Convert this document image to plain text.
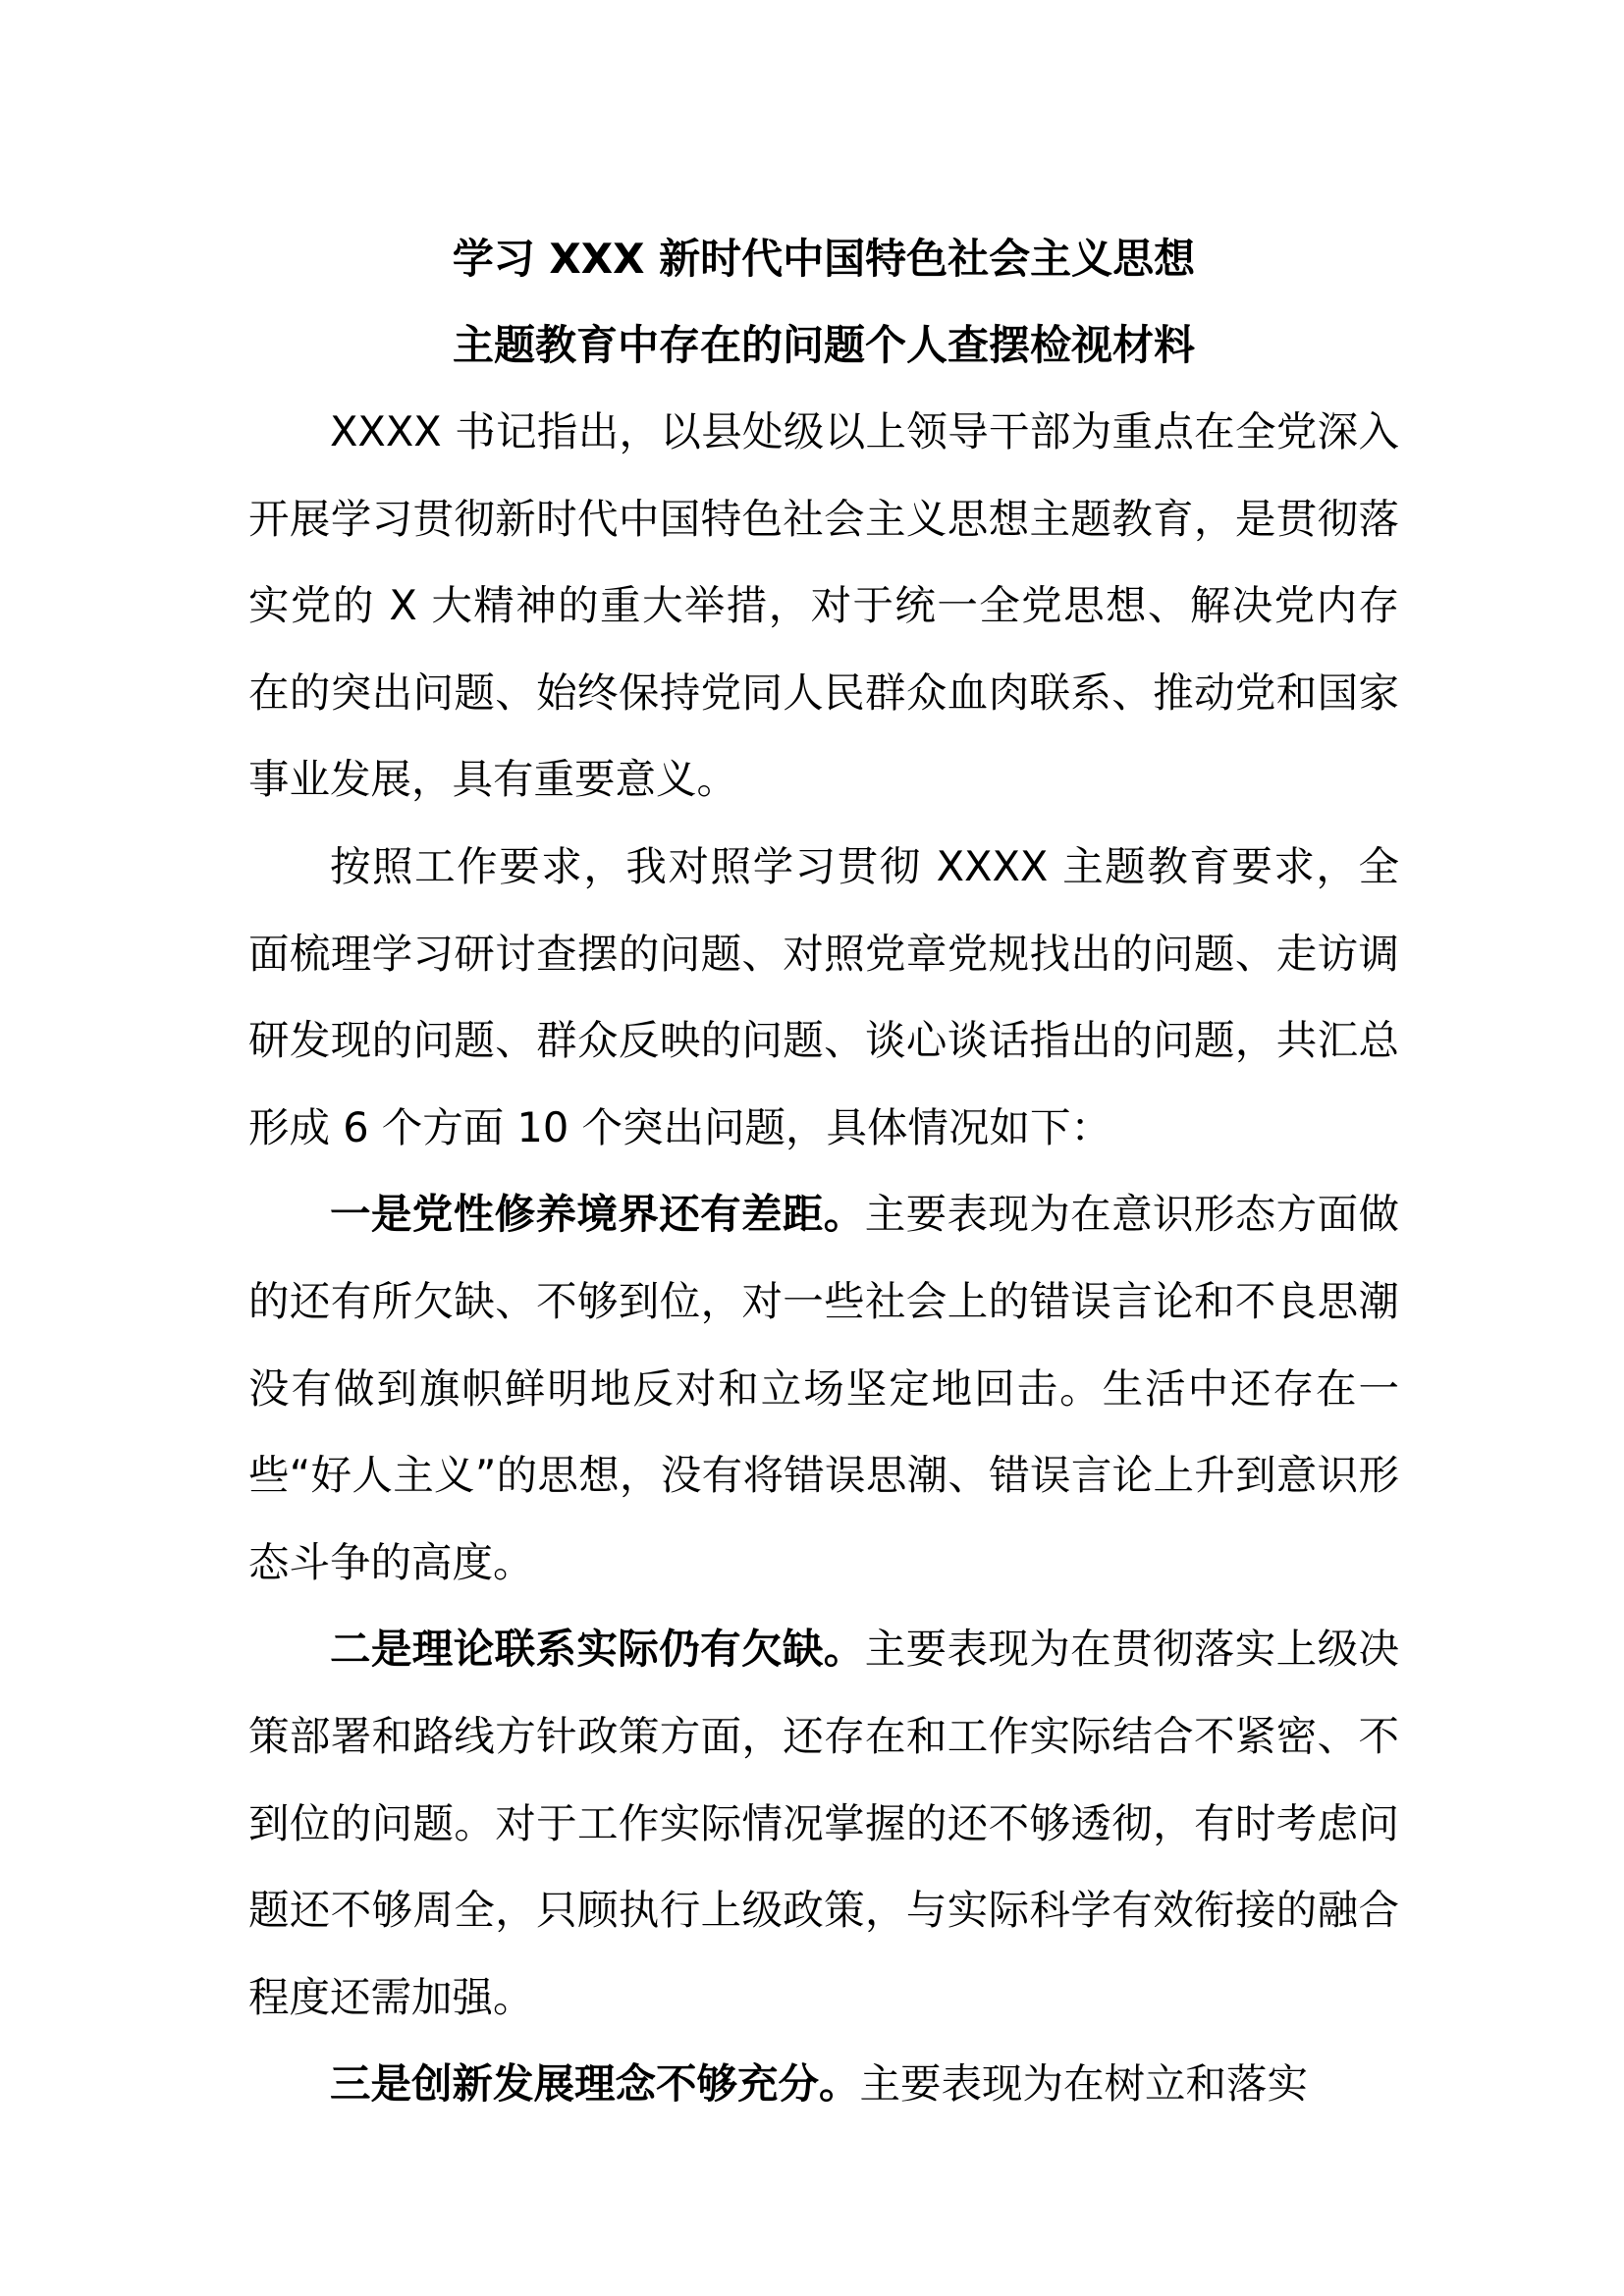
学习 XXX 新时代中国特色社会主义思想
主题教育中存在的问题个人查摆检视材料

XXXX 书记指出，以县处级以上领导干部为重点在全党深入开展学习贯彻新时代中国特色社会主义思想主题教育，是贯彻落实党的 X 大精神的重大举措，对于统一全党思想、解决党内存在的突出问题、始终保持党同人民群众血肉联系、推动党和国家事业发展，具有重要意义。

按照工作要求，我对照学习贯彻 XXXX 主题教育要求，全面梳理学习研讨查摆的问题、对照党章党规找出的问题、走访调研发现的问题、群众反映的问题、谈心谈话指出的问题，共汇总形成 6 个方面 10 个突出问题，具体情况如下：

一是党性修养境界还有差距。主要表现为在意识形态方面做的还有所欠缺、不够到位，对一些社会上的错误言论和不良思潮没有做到旗帜鲜明地反对和立场坚定地回击。生活中还存在一些“好人主义”的思想，没有将错误思潮、错误言论上升到意识形态斗争的高度。

二是理论联系实际仍有欠缺。主要表现为在贯彻落实上级决策部署和路线方针政策方面，还存在和工作实际结合不紧密、不到位的问题。对于工作实际情况掌握的还不够透彻，有时考虑问题还不够周全，只顾执行上级政策，与实际科学有效衔接的融合程度还需加强。

三是创新发展理念不够充分。主要表现为在树立和落实
